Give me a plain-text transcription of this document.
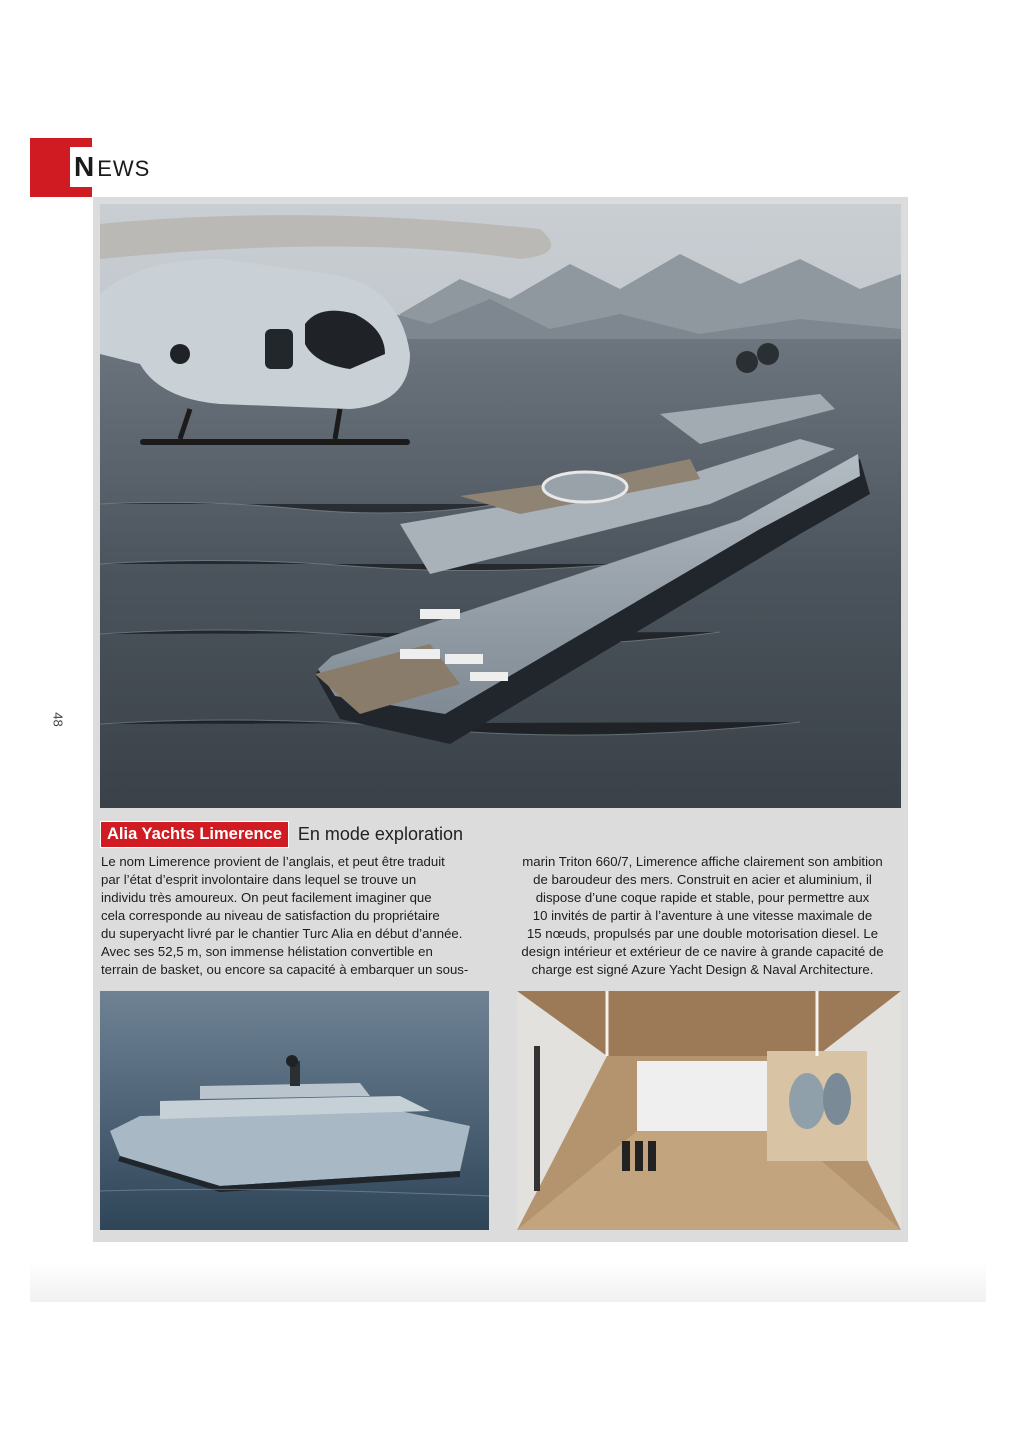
N EWS
48
Alia Yachts Limerence En mode exploration
Le nom Limerence provient de l’anglais, et peut être traduit
par l’état d’esprit involontaire dans lequel se trouve un
individu très amoureux. On peut facilement imaginer que
cela corresponde au niveau de satisfaction du propriétaire
du superyacht livré par le chantier Turc Alia en début d’année.
Avec ses 52,5 m, son immense hélistation convertible en
terrain de basket, ou encore sa capacité à embarquer un sous-
marin Triton 660/7, Limerence affiche clairement son ambition
de baroudeur des mers. Construit en acier et aluminium, il
dispose d’une coque rapide et stable, pour permettre aux
10 invités de partir à l’aventure à une vitesse maximale de
15 nœuds, propulsés par une double motorisation diesel. Le
design intérieur et extérieur de ce navire à grande capacité de
charge est signé Azure Yacht Design & Naval Architecture.
